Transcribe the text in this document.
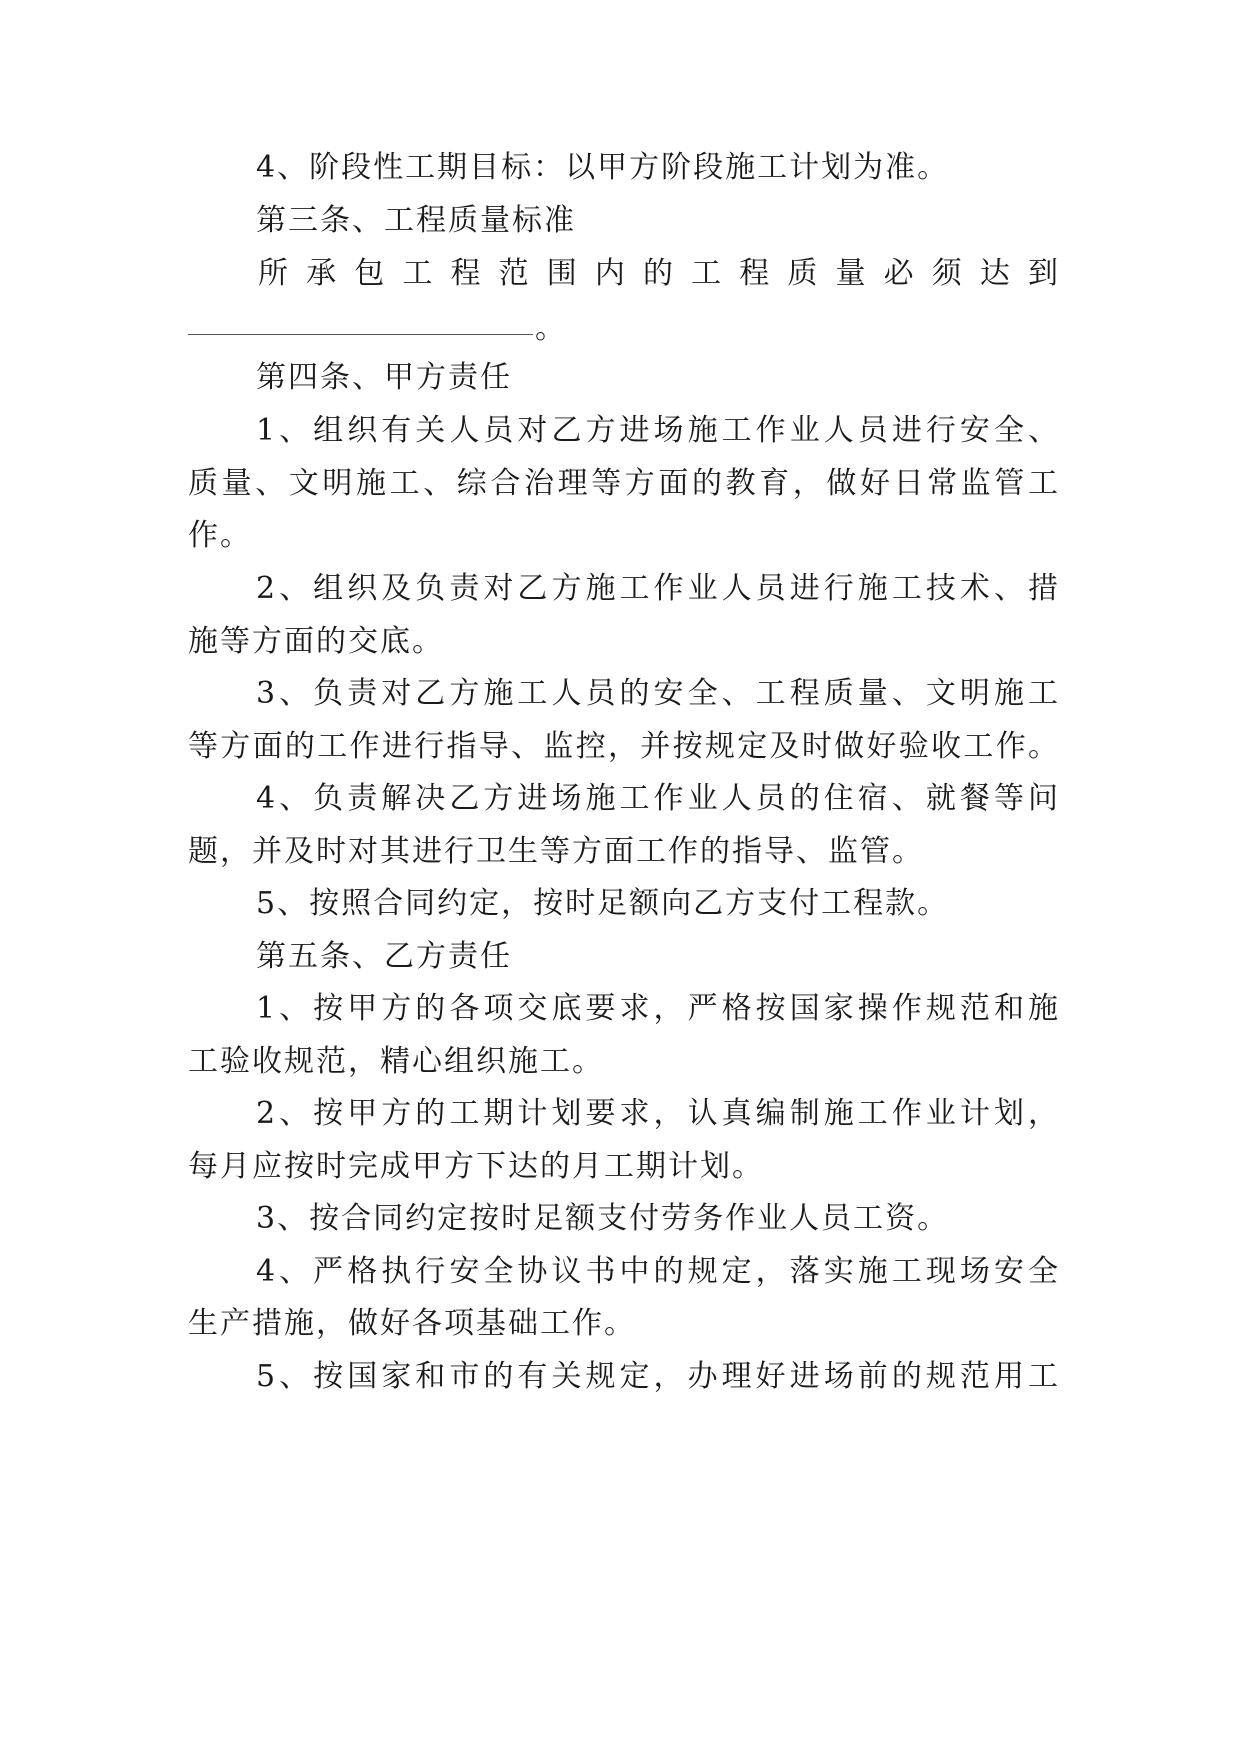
4、阶段性工期目标：以甲方阶段施工计划为准。
第三条、工程质量标准
所承包工程范围内的工程质量必须达到
。
第四条、甲方责任
1、组织有关人员对乙方进场施工作业人员进行安全、
质量、文明施工、综合治理等方面的教育，做好日常监管工
作。
2、组织及负责对乙方施工作业人员进行施工技术、措
施等方面的交底。
3、负责对乙方施工人员的安全、工程质量、文明施工
等方面的工作进行指导、监控，并按规定及时做好验收工作。
4、负责解决乙方进场施工作业人员的住宿、就餐等问
题，并及时对其进行卫生等方面工作的指导、监管。
5、按照合同约定，按时足额向乙方支付工程款。
第五条、乙方责任
1、按甲方的各项交底要求，严格按国家操作规范和施
工验收规范，精心组织施工。
2、按甲方的工期计划要求，认真编制施工作业计划，
每月应按时完成甲方下达的月工期计划。
3、按合同约定按时足额支付劳务作业人员工资。
4、严格执行安全协议书中的规定，落实施工现场安全
生产措施，做好各项基础工作。
5、按国家和市的有关规定，办理好进场前的规范用工
